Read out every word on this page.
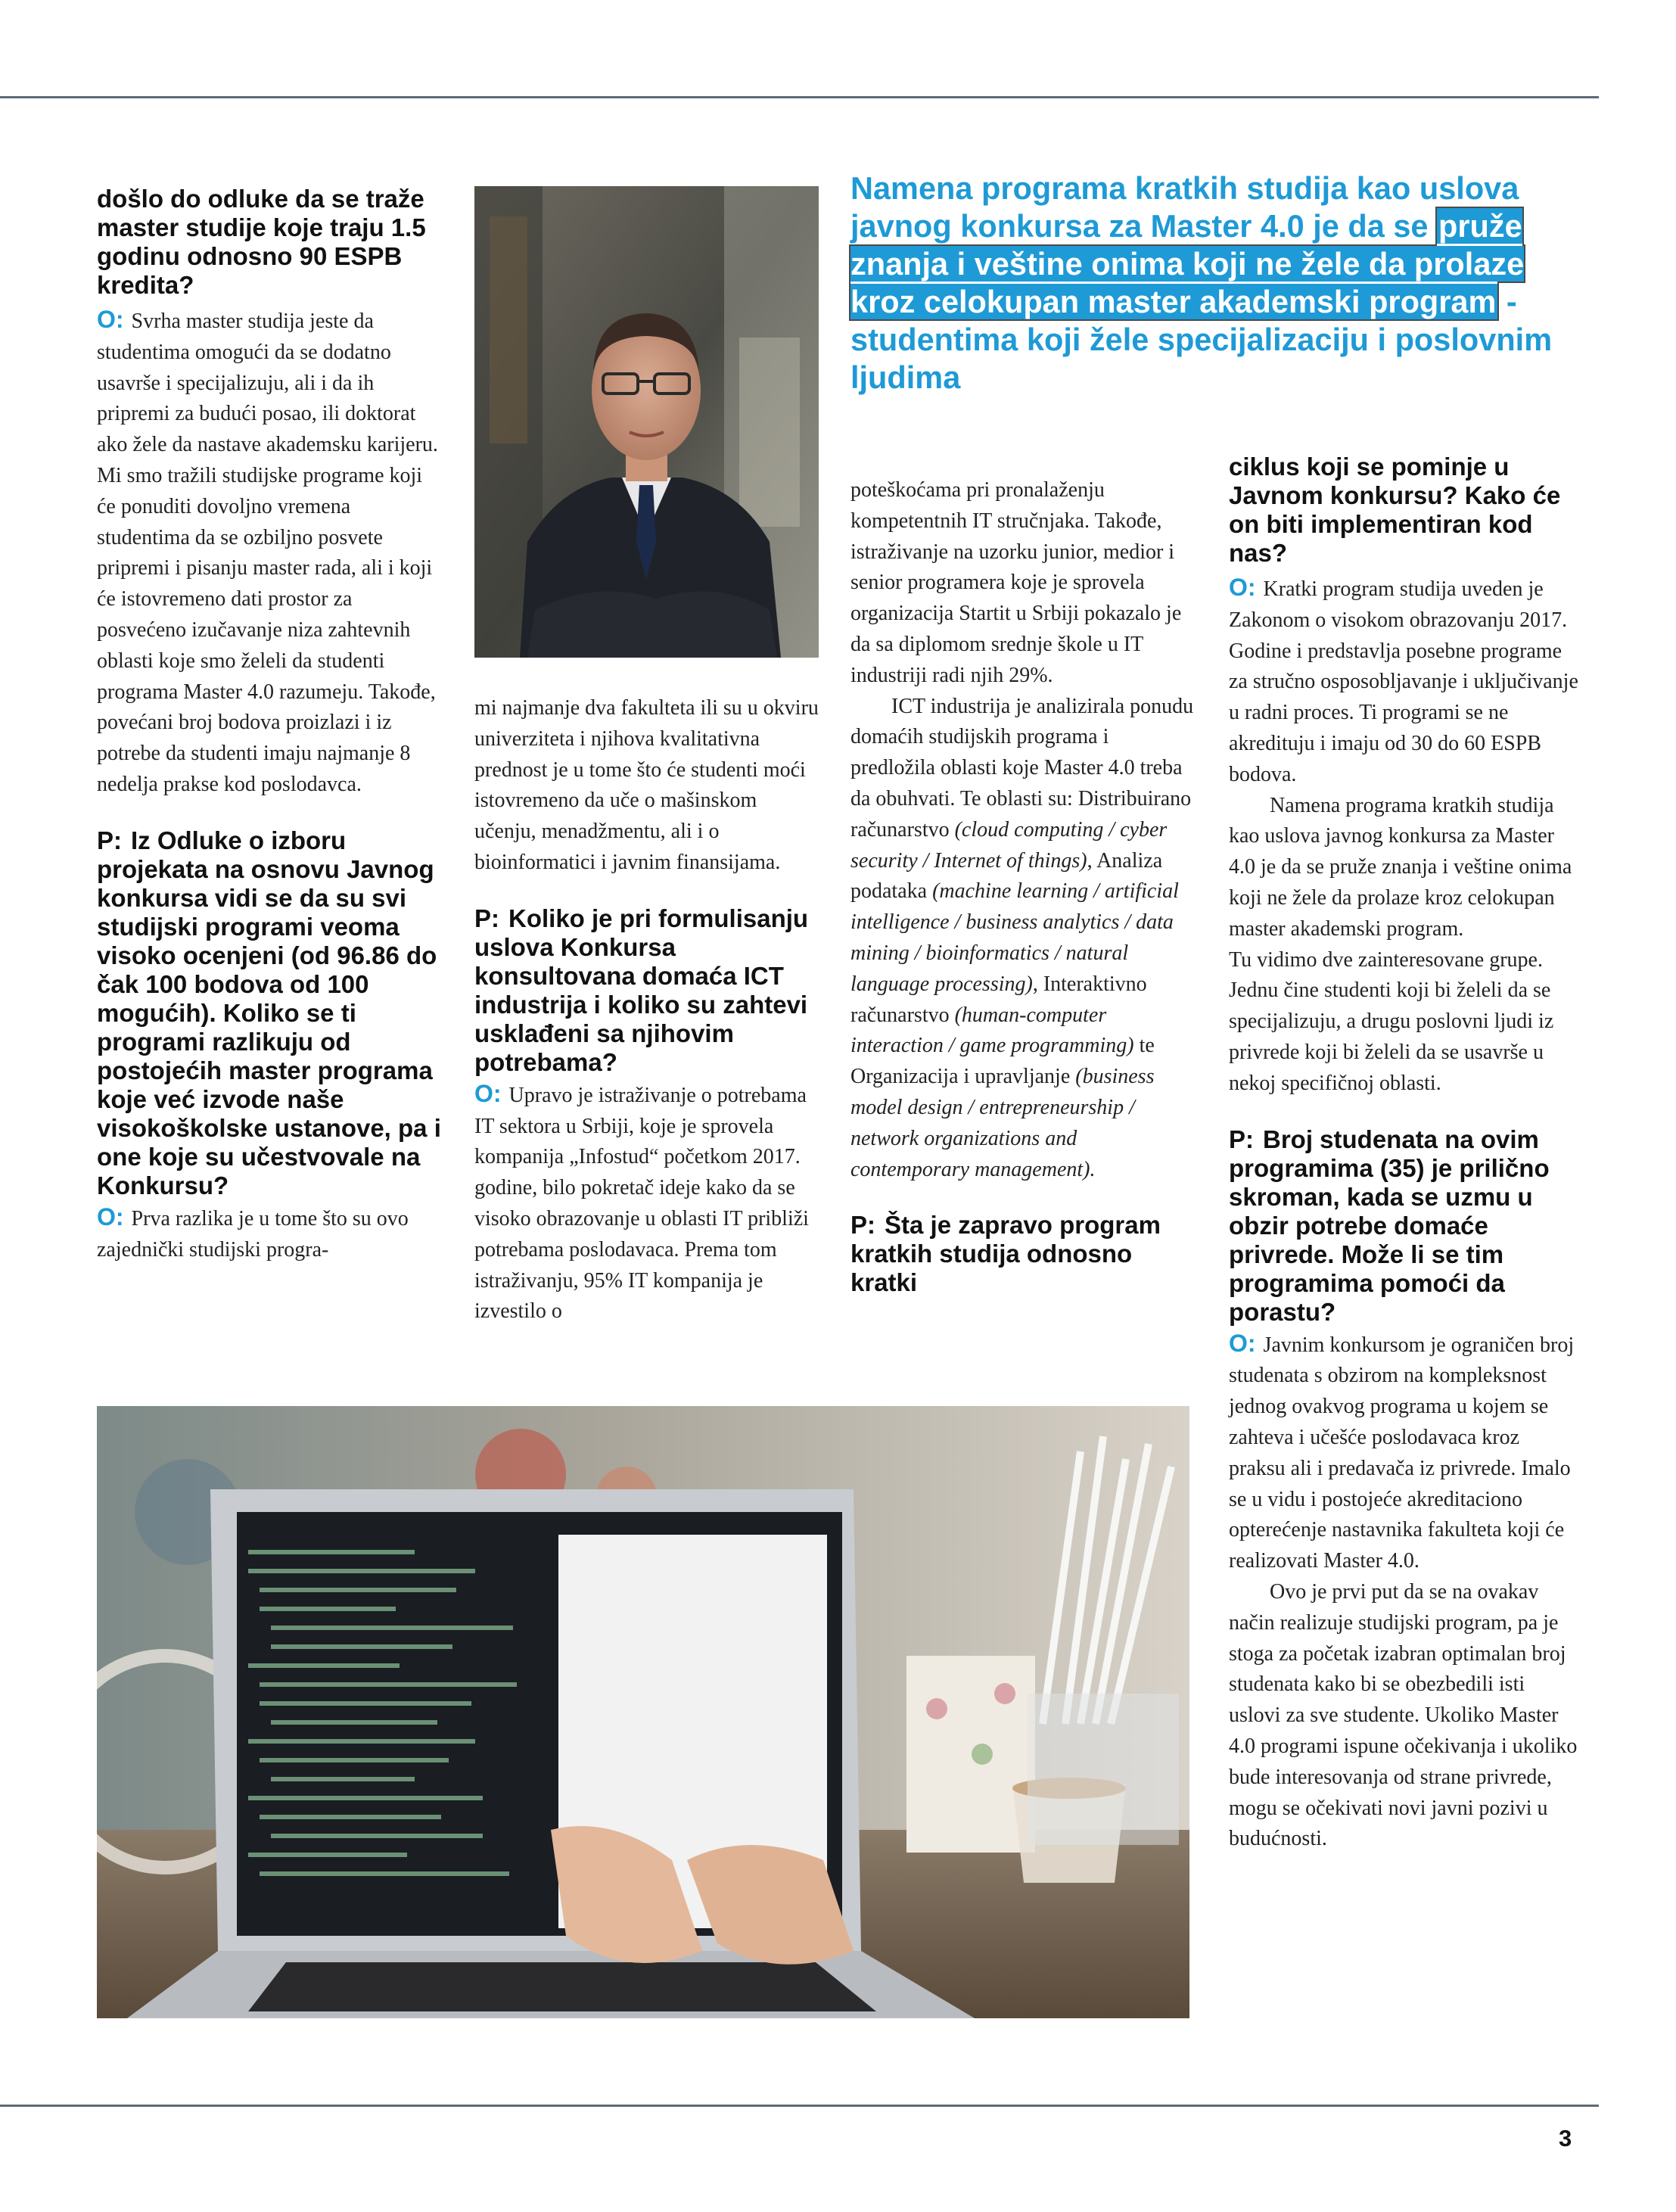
došlo do odluke da se traže master studije koje traju 1.5 godinu odnosno 90 ESPB kredita?

O: Svrha master studija jeste da studentima omogući da se dodatno usavrše i specijalizuju, ali i da ih pripremi za budući posao, ili doktorat ako žele da nastave akademsku karijeru. Mi smo tražili studijske programe koji će ponuditi dovoljno vremena studentima da se ozbiljno posvete pripremi i pisanju master rada, ali i koji će istovremeno dati prostor za posvećeno izučavanje niza zahtevnih oblasti koje smo želeli da studenti programa Master 4.0 razumeju. Takođe, povećani broj bodova proizlazi i iz potrebe da studenti imaju najmanje 8 nedelja prakse kod poslodavca.

P: Iz Odluke o izboru projekata na osnovu Javnog konkursa vidi se da su svi studijski programi veoma visoko ocenjeni (od 96.86 do čak 100 bodova od 100 mogućih). Koliko se ti programi razlikuju od postojećih master programa koje već izvode naše visokoškolske ustanove, pa i one koje su učestvovale na Konkursu?

O: Prva razlika je u tome što su ovo zajednički studijski progra-

mi najmanje dva fakulteta ili su u okviru univerziteta i njihova kvalitativna prednost je u tome što će studenti moći istovremeno da uče o mašinskom učenju, menadžmentu, ali i o bioinformatici i javnim finansijama.

P: Koliko je pri formulisanju uslova Konkursa konsultovana domaća ICT industrija i koliko su zahtevi usklađeni sa njihovim potrebama?

O: Upravo je istraživanje o potrebama IT sektora u Srbiji, koje je sprovela kompanija „Infostud“ početkom 2017. godine, bilo pokretač ideje kako da se visoko obrazovanje u oblasti IT približi potrebama poslodavaca. Prema tom istraživanju, 95% IT kompanija je izvestilo o

Namena programa kratkih studija kao uslova javnog konkursa za Master 4.0 je da se pruže znanja i veštine onima koji ne žele da prolaze kroz celokupan master akademski program - studentima koji žele specijalizaciju i poslovnim ljudima

poteškoćama pri pronalaženju kompetentnih IT stručnjaka. Takođe, istraživanje na uzorku junior, medior i senior programera koje je sprovela organizacija Startit u Srbiji pokazalo je da sa diplomom srednje škole u IT industriji radi njih 29%.

ICT industrija je analizirala ponudu domaćih studijskih programa i predložila oblasti koje Master 4.0 treba da obuhvati. Te oblasti su: Distribuirano računarstvo (cloud computing / cyber security / Internet of things), Analiza podataka (machine learning / artificial intelligence / business analytics / data mining / bioinformatics / natural language processing), Interaktivno računarstvo (human-computer interaction / game programming) te Organizacija i upravljanje (business model design / entrepreneurship / network organizations and contemporary management).

P: Šta je zapravo program kratkih studija odnosno kratki

ciklus koji se pominje u Javnom konkursu? Kako će on biti implementiran kod nas?

O: Kratki program studija uveden je Zakonom o visokom obrazovanju 2017. Godine i predstavlja posebne programe za stručno osposobljavanje i uključivanje u radni proces. Ti programi se ne akredituju i imaju od 30 do 60 ESPB bodova.

Namena programa kratkih studija kao uslova javnog konkursa za Master 4.0 je da se pruže znanja i veštine onima koji ne žele da prolaze kroz celokupan master akademski program.

Tu vidimo dve zainteresovane grupe. Jednu čine studenti koji bi želeli da se specijalizuju, a drugu poslovni ljudi iz privrede koji bi želeli da se usavrše u nekoj specifičnoj oblasti.

P: Broj studenata na ovim programima (35) je prilično skroman, kada se uzmu u obzir potrebe domaće privrede. Može li se tim programima pomoći da porastu?

O: Javnim konkursom je ograničen broj studenata s obzirom na kompleksnost jednog ovakvog programa u kojem se zahteva i učešće poslodavaca kroz praksu ali i predavača iz privrede. Imalo se u vidu i postojeće akreditaciono opterećenje nastavnika fakulteta koji će realizovati Master 4.0.

Ovo je prvi put da se na ovakav način realizuje studijski program, pa je stoga za početak izabran optimalan broj studenata kako bi se obezbedili isti uslovi za sve studente. Ukoliko Master 4.0 programi ispune očekivanja i ukoliko bude interesovanja od strane privrede, mogu se očekivati novi javni pozivi u budućnosti.

3
